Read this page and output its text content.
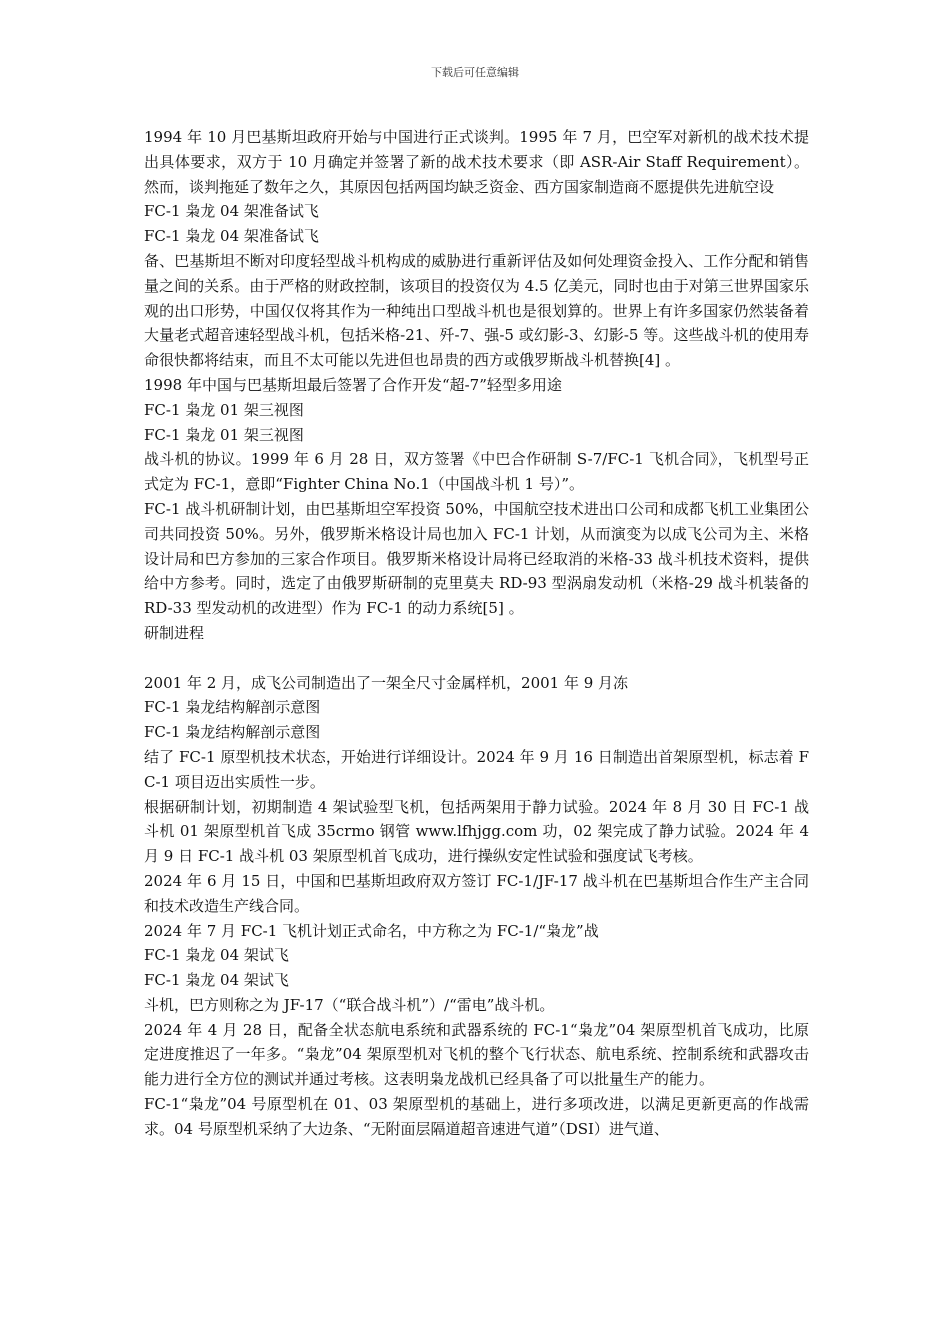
下载后可任意编辑

1994 年 10 月巴基斯坦政府开始与中国进行正式谈判。1995 年 7 月，巴空军对新机的战术技术提出具体要求，双方于 10 月确定并签署了新的战术技术要求（即 ASR-Air Staff Requirement）。然而，谈判拖延了数年之久，其原因包括两国均缺乏资金、西方国家制造商不愿提供先进航空设

FC-1 枭龙 04 架准备试飞

FC-1 枭龙 04 架准备试飞

备、巴基斯坦不断对印度轻型战斗机构成的威胁进行重新评估及如何处理资金投入、工作分配和销售量之间的关系。由于严格的财政控制，该项目的投资仅为 4.5 亿美元，同时也由于对第三世界国家乐观的出口形势，中国仅仅将其作为一种纯出口型战斗机也是很划算的。世界上有许多国家仍然装备着大量老式超音速轻型战斗机，包括米格-21、歼-7、强-5 或幻影-3、幻影-5 等。这些战斗机的使用寿命很快都将结束，而且不太可能以先进但也昂贵的西方或俄罗斯战斗机替换[4] 。

1998 年中国与巴基斯坦最后签署了合作开发“超-7”轻型多用途

FC-1 枭龙 01 架三视图

FC-1 枭龙 01 架三视图

战斗机的协议。1999 年 6 月 28 日，双方签署《中巴合作研制 S-7/FC-1 飞机合同》，飞机型号正式定为 FC-1，意即“Fighter China No.1（中国战斗机 1 号）”。

FC-1 战斗机研制计划，由巴基斯坦空军投资 50%，中国航空技术进出口公司和成都飞机工业集团公司共同投资 50%。另外，俄罗斯米格设计局也加入 FC-1 计划，从而演变为以成飞公司为主、米格设计局和巴方参加的三家合作项目。俄罗斯米格设计局将已经取消的米格-33 战斗机技术资料，提供给中方参考。同时，选定了由俄罗斯研制的克里莫夫 RD-93 型涡扇发动机（米格-29 战斗机装备的 RD-33 型发动机的改进型）作为 FC-1 的动力系统[5] 。

研制进程

2001 年 2 月，成飞公司制造出了一架全尺寸金属样机，2001 年 9 月冻

FC-1 枭龙结构解剖示意图

FC-1 枭龙结构解剖示意图

结了 FC-1 原型机技术状态，开始进行详细设计。2024 年 9 月 16 日制造出首架原型机，标志着 FC-1 项目迈出实质性一步。

根据研制计划，初期制造 4 架试验型飞机，包括两架用于静力试验。2024 年 8 月 30 日 FC-1 战斗机 01 架原型机首飞成 35crmo 钢管 www.lfhjgg.com 功，02 架完成了静力试验。2024 年 4 月 9 日 FC-1 战斗机 03 架原型机首飞成功，进行操纵安定性试验和强度试飞考核。

2024 年 6 月 15 日，中国和巴基斯坦政府双方签订 FC-1/JF-17 战斗机在巴基斯坦合作生产主合同和技术改造生产线合同。

2024 年 7 月 FC-1 飞机计划正式命名，中方称之为 FC-1/“枭龙”战

FC-1 枭龙 04 架试飞

FC-1 枭龙 04 架试飞

斗机，巴方则称之为 JF-17（“联合战斗机”）/“雷电”战斗机。

2024 年 4 月 28 日，配备全状态航电系统和武器系统的 FC-1“枭龙”04 架原型机首飞成功，比原定进度推迟了一年多。“枭龙”04 架原型机对飞机的整个飞行状态、航电系统、控制系统和武器攻击能力进行全方位的测试并通过考核。这表明枭龙战机已经具备了可以批量生产的能力。

FC-1“枭龙”04 号原型机在 01、03 架原型机的基础上，进行多项改进，以满足更新更高的作战需求。04 号原型机采纳了大边条、“无附面层隔道超音速进气道”（DSI）进气道、
